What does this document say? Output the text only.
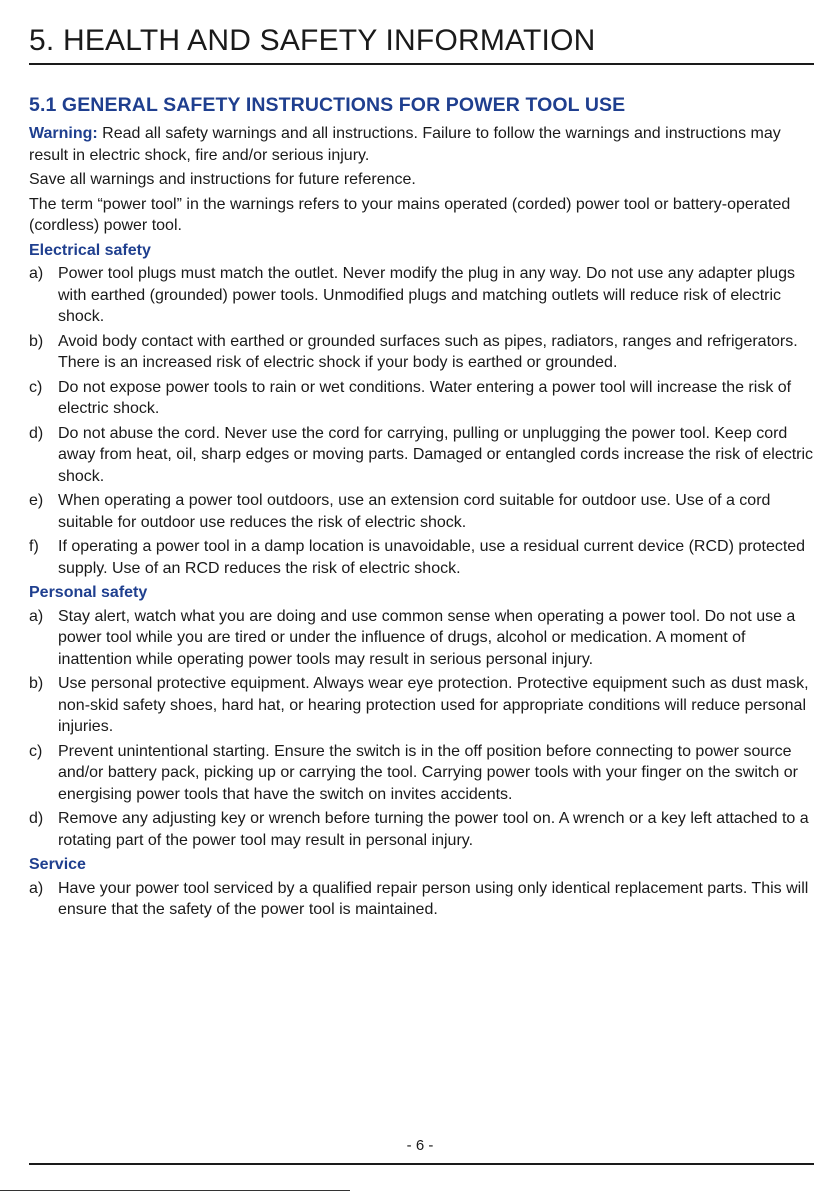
5. HEALTH AND SAFETY INFORMATION
5.1 GENERAL SAFETY INSTRUCTIONS FOR POWER TOOL USE

Warning: Read all safety warnings and all instructions. Failure to follow the warnings and instructions may result in electric shock, fire and/or serious injury.

Save all warnings and instructions for future reference.

The term “power tool” in the warnings refers to your mains operated (corded) power tool or battery-operated (cordless) power tool.

Electrical safety
a) Power tool plugs must match the outlet. Never modify the plug in any way. Do not use any adapter plugs with earthed (grounded) power tools. Unmodified plugs and matching outlets will reduce risk of electric shock.
b) Avoid body contact with earthed or grounded surfaces such as pipes, radiators, ranges and refrigerators. There is an increased risk of electric shock if your body is earthed or grounded.
c) Do not expose power tools to rain or wet conditions. Water entering a power tool will increase the risk of electric shock.
d) Do not abuse the cord. Never use the cord for carrying, pulling or unplugging the power tool. Keep cord away from heat, oil, sharp edges or moving parts. Damaged or entangled cords increase the risk of electric shock.
e) When operating a power tool outdoors, use an extension cord suitable for outdoor use. Use of a cord suitable for outdoor use reduces the risk of electric shock.
f) If operating a power tool in a damp location is unavoidable, use a residual current device (RCD) protected supply. Use of an RCD reduces the risk of electric shock.
Personal safety
a) Stay alert, watch what you are doing and use common sense when operating a power tool. Do not use a power tool while you are tired or under the influence of drugs, alcohol or medication. A moment of inattention while operating power tools may result in serious personal injury.
b) Use personal protective equipment. Always wear eye protection. Protective equipment such as dust mask, non-skid safety shoes, hard hat, or hearing protection used for appropriate conditions will reduce personal injuries.
c) Prevent unintentional starting. Ensure the switch is in the off position before connecting to power source and/or battery pack, picking up or carrying the tool. Carrying power tools with your finger on the switch or energising power tools that have the switch on invites accidents.
d) Remove any adjusting key or wrench before turning the power tool on. A wrench or a key left attached to a rotating part of the power tool may result in personal injury.
Service
a) Have your power tool serviced by a qualified repair person using only identical replacement parts. This will ensure that the safety of the power tool is maintained.
- 6 -
